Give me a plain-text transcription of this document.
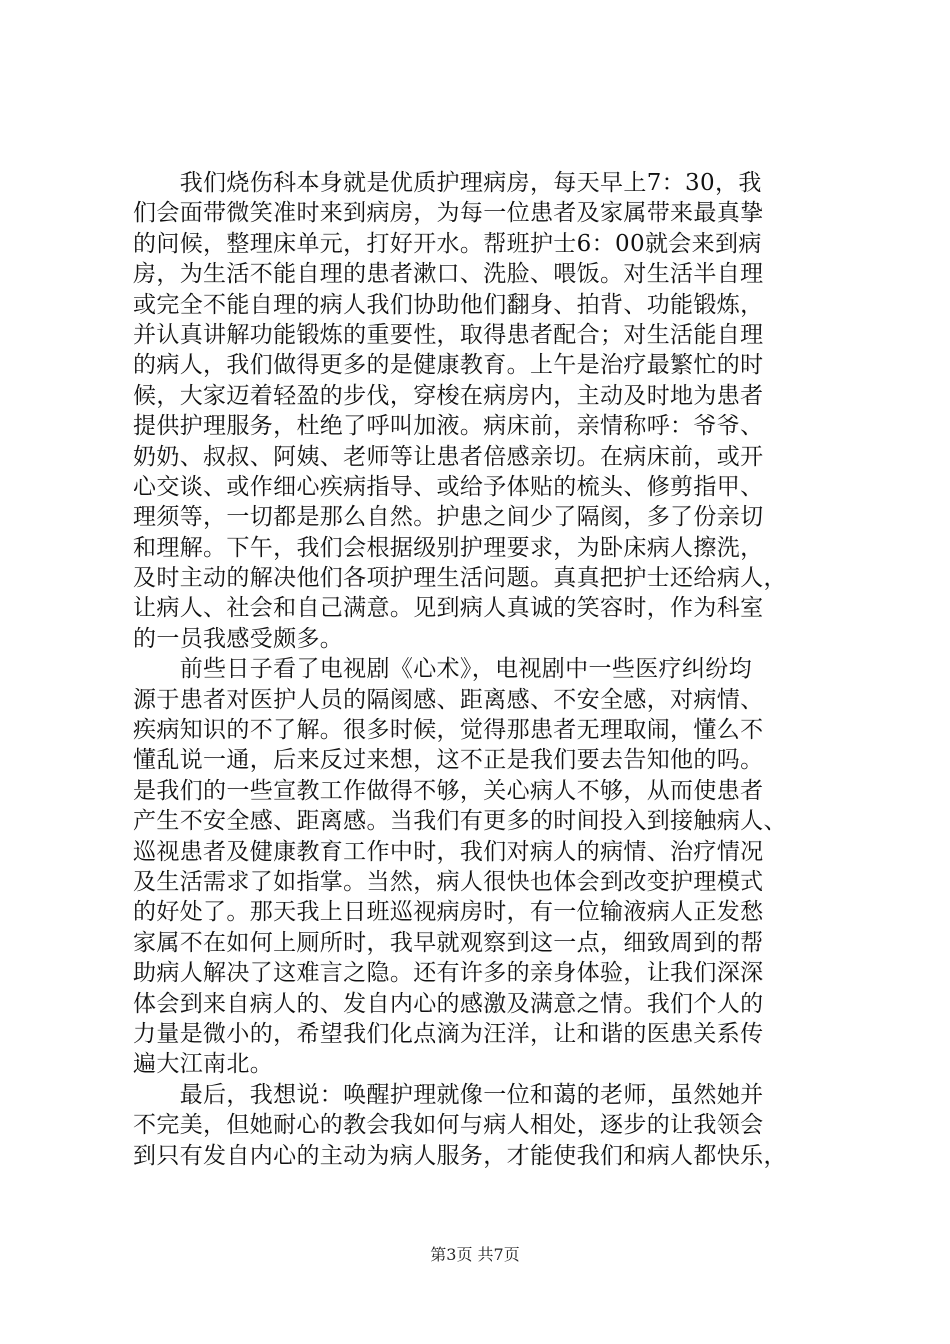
　　我们烧伤科本身就是优质护理病房，每天早上7：30，我
们会面带微笑准时来到病房，为每一位患者及家属带来最真挚
的问候，整理床单元，打好开水。帮班护士6：00就会来到病
房，为生活不能自理的患者漱口、洗脸、喂饭。对生活半自理
或完全不能自理的病人我们协助他们翻身、拍背、功能锻炼，
并认真讲解功能锻炼的重要性，取得患者配合；对生活能自理
的病人，我们做得更多的是健康教育。上午是治疗最繁忙的时
候，大家迈着轻盈的步伐，穿梭在病房内，主动及时地为患者
提供护理服务，杜绝了呼叫加液。病床前，亲情称呼：爷爷、
奶奶、叔叔、阿姨、老师等让患者倍感亲切。在病床前，或开
心交谈、或作细心疾病指导、或给予体贴的梳头、修剪指甲、
理须等，一切都是那么自然。护患之间少了隔阂，多了份亲切
和理解。下午，我们会根据级别护理要求，为卧床病人擦洗，
及时主动的解决他们各项护理生活问题。真真把护士还给病人，
让病人、社会和自己满意。见到病人真诚的笑容时，作为科室
的一员我感受颇多。
　　前些日子看了电视剧《心术》，电视剧中一些医疗纠纷均
源于患者对医护人员的隔阂感、距离感、不安全感，对病情、
疾病知识的不了解。很多时候，觉得那患者无理取闹，懂么不
懂乱说一通，后来反过来想，这不正是我们要去告知他的吗。
是我们的一些宣教工作做得不够，关心病人不够，从而使患者
产生不安全感、距离感。当我们有更多的时间投入到接触病人、
巡视患者及健康教育工作中时，我们对病人的病情、治疗情况
及生活需求了如指掌。当然，病人很快也体会到改变护理模式
的好处了。那天我上日班巡视病房时，有一位输液病人正发愁
家属不在如何上厕所时，我早就观察到这一点，细致周到的帮
助病人解决了这难言之隐。还有许多的亲身体验，让我们深深
体会到来自病人的、发自内心的感激及满意之情。我们个人的
力量是微小的，希望我们化点滴为汪洋，让和谐的医患关系传
遍大江南北。
　　最后，我想说：唤醒护理就像一位和蔼的老师，虽然她并
不完美，但她耐心的教会我如何与病人相处，逐步的让我领会
到只有发自内心的主动为病人服务，才能使我们和病人都快乐，
第3页 共7页
